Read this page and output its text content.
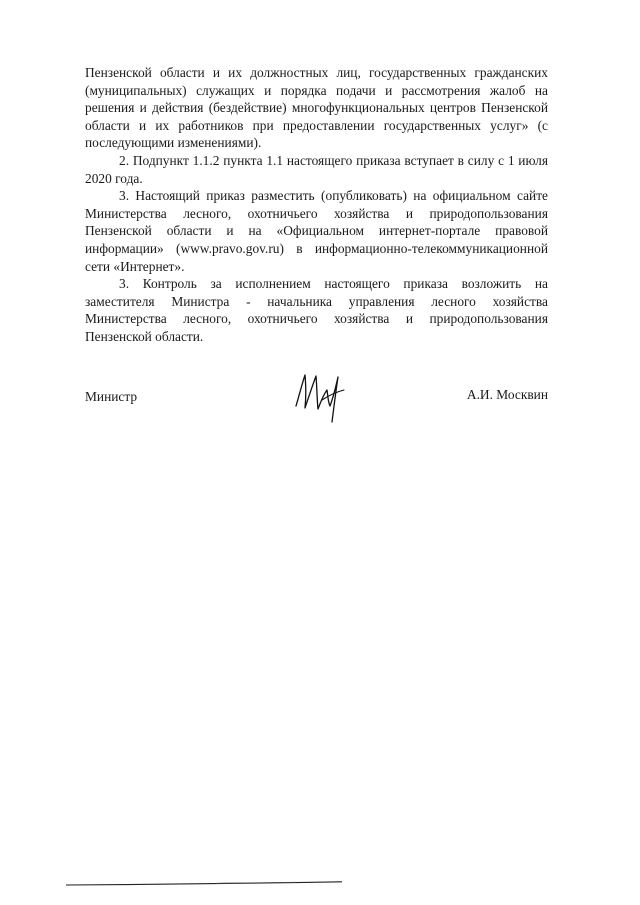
Пензенской области и их должностных лиц, государственных гражданских (муниципальных) служащих и порядка подачи и рассмотрения жалоб на решения и действия (бездействие) многофункциональных центров Пензенской области и их работников при предоставлении государственных услуг» (с последующими изменениями).

2. Подпункт 1.1.2 пункта 1.1 настоящего приказа вступает в силу с 1 июля 2020 года.

3. Настоящий приказ разместить (опубликовать) на официальном сайте Министерства лесного, охотничьего хозяйства и природопользования Пензенской области и на «Официальном интернет-портале правовой информации» (www.pravo.gov.ru) в информационно-телекоммуникационной сети «Интернет».

3. Контроль за исполнением настоящего приказа возложить на заместителя Министра - начальника управления лесного хозяйства Министерства лесного, охотничьего хозяйства и природопользования Пензенской области.

Министр	А.И. Москвин
